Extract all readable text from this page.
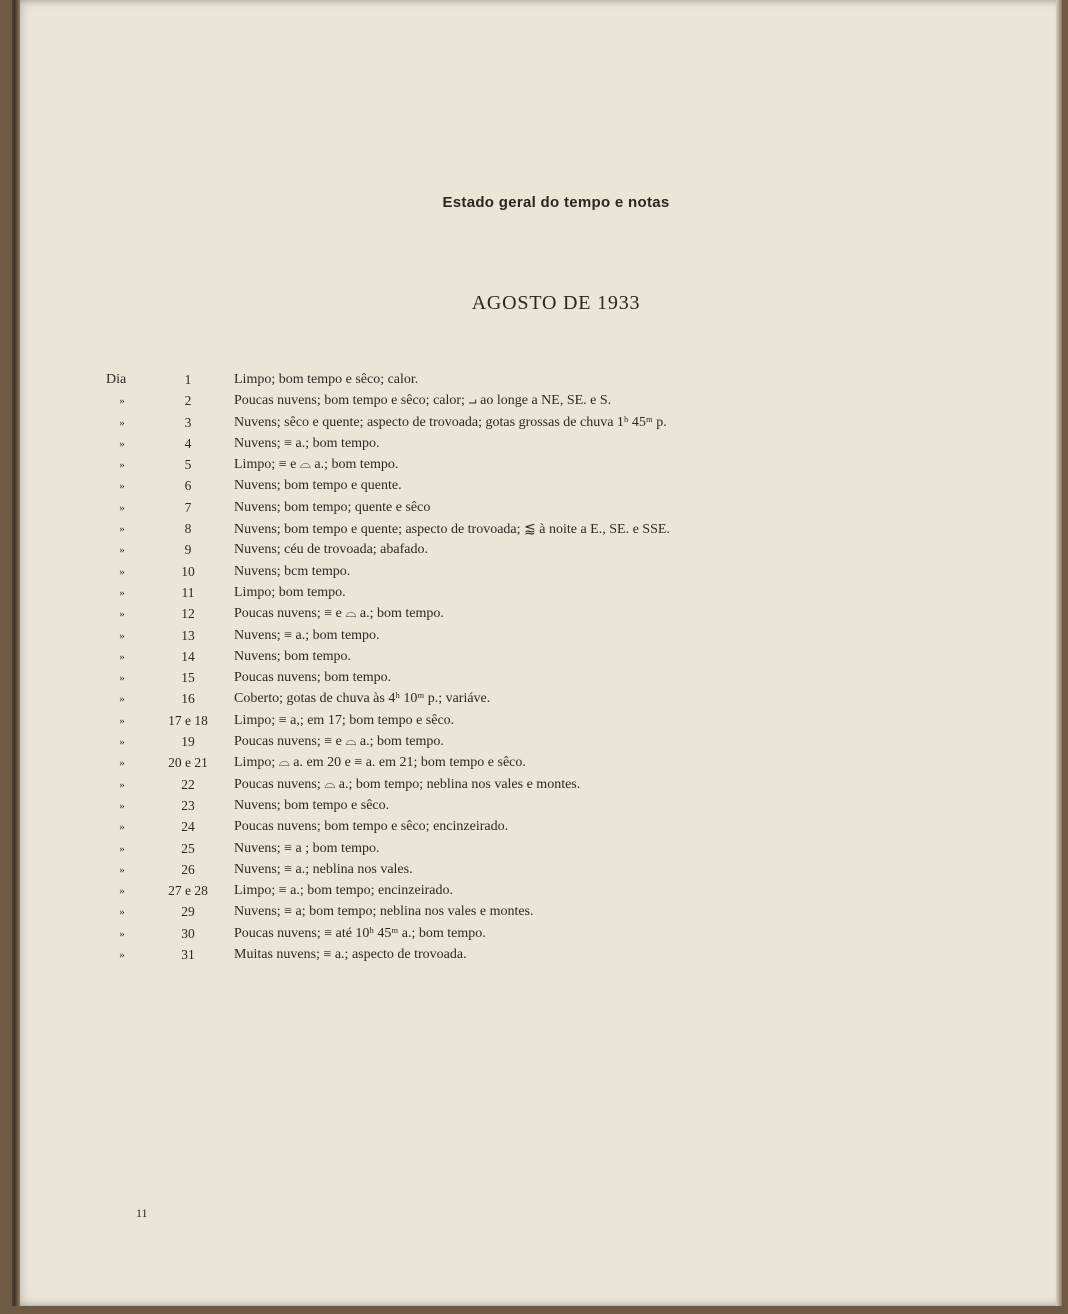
Estado geral do tempo e notas
AGOSTO DE 1933
Dia	1	Limpo; bom tempo e sêco; calor.
»	2	Poucas nuvens; bom tempo e sêco; calor; ⨼ ao longe a NE, SE. e S.
»	3	Nuvens; sêco e quente; aspecto de trovoada; gotas grossas de chuva 1ʰ 45ᵐ p.
»	4	Nuvens; ≡ a.; bom tempo.
»	5	Limpo; ≡ e ⌓ a.; bom tempo.
»	6	Nuvens; bom tempo e quente.
»	7	Nuvens; bom tempo; quente e sêco
»	8	Nuvens; bom tempo e quente; aspecto de trovoada; ⪅ à noite a E., SE. e SSE.
»	9	Nuvens; céu de trovoada; abafado.
»	10	Nuvens; bcm tempo.
»	11	Limpo; bom tempo.
»	12	Poucas nuvens; ≡ e ⌓ a.; bom tempo.
»	13	Nuvens; ≡ a.; bom tempo.
»	14	Nuvens; bom tempo.
»	15	Poucas nuvens; bom tempo.
»	16	Coberto; gotas de chuva às 4ʰ 10ᵐ p.; variáve.
»	17 e 18	Limpo; ≡ a,; em 17; bom tempo e sêco.
»	19	Poucas nuvens; ≡ e ⌓ a.; bom tempo.
»	20 e 21	Limpo; ⌓ a. em 20 e ≡ a. em 21; bom tempo e sêco.
»	22	Poucas nuvens; ⌓ a.; bom tempo; neblina nos vales e montes.
»	23	Nuvens; bom tempo e sêco.
»	24	Poucas nuvens; bom tempo e sêco; encinzeirado.
»	25	Nuvens; ≡ a ; bom tempo.
»	26	Nuvens; ≡ a.; neblina nos vales.
»	27 e 28	Limpo; ≡ a.; bom tempo; encinzeirado.
»	29	Nuvens; ≡ a; bom tempo; neblina nos vales e montes.
»	30	Poucas nuvens; ≡ até 10ʰ 45ᵐ a.; bom tempo.
»	31	Muitas nuvens; ≡ a.; aspecto de trovoada.
11
